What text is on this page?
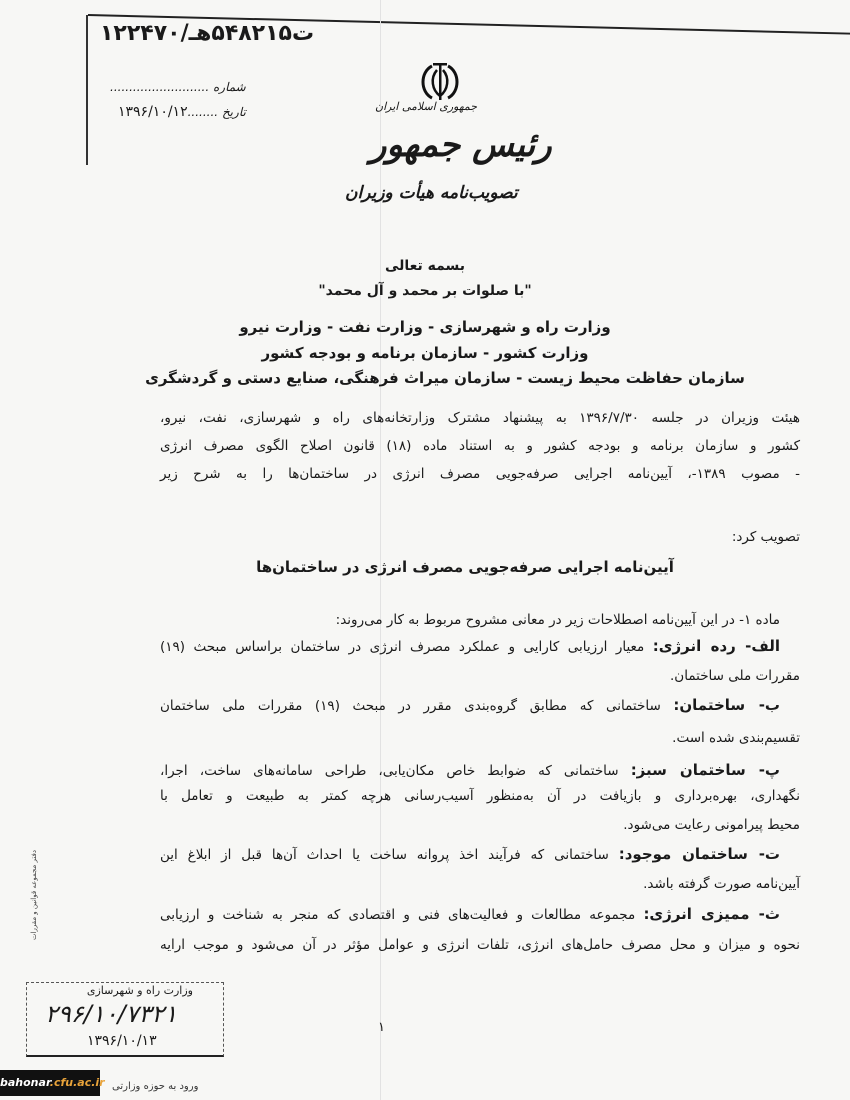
۱۲۲۴۷۰/ت۵۴۸۲۱۵هـ
شماره ..........................
تاریخ ........۱۳۹۶/۱۰/۱۲	جمهوری اسلامی ایران
رئیس جمهور
تصویب‌نامه هیأت وزیران
بسمه تعالی
"با صلوات بر محمد و آل محمد"
وزارت راه و شهرسازی - وزارت نفت - وزارت نیرو
وزارت کشور - سازمان برنامه و بودجه کشور
سازمان حفاظت محیط زیست - سازمان میراث فرهنگی، صنایع دستی و گردشگری
هیئت وزیران در جلسه ۱۳۹۶/۷/۳۰ به پیشنهاد مشترک وزارتخانه‌های راه و شهرسازی، نفت، نیرو،
کشور و سازمان برنامه و بودجه کشور و به استناد ماده (۱۸) قانون اصلاح الگوی مصرف انرژی
- مصوب ۱۳۸۹-، آیین‌نامه اجرایی صرفه‌جویی مصرف انرژی در ساختمان‌ها را به شرح زیر
تصویب کرد:
آیین‌نامه اجرایی صرفه‌جویی مصرف انرژی در ساختمان‌ها
ماده ۱- در این آیین‌نامه اصطلاحات زیر در معانی مشروح مربوط به کار می‌روند:
الف- رده انرژی: معیار ارزیابی کارایی و عملکرد مصرف انرژی در ساختمان براساس مبحث (۱۹)
مقررات ملی ساختمان.
ب- ساختمان: ساختمانی که مطابق گروه‌بندی مقرر در مبحث (۱۹) مقررات ملی ساختمان
تقسیم‌بندی شده است.
پ- ساختمان سبز: ساختمانی که ضوابط خاص مکان‌یابی، طراحی سامانه‌های ساخت، اجرا،
نگهداری، بهره‌برداری و بازیافت در آن به‌منظور آسیب‌رسانی هرچه کمتر به طبیعت و تعامل با
محیط پیرامونی رعایت می‌شود.
ت- ساختمان موجود: ساختمانی که فرآیند اخذ پروانه ساخت یا احداث آن‌ها قبل از ابلاغ این
آیین‌نامه صورت گرفته باشد.
ث- ممیزی انرژی: مجموعه مطالعات و فعالیت‌های فنی و اقتصادی که منجر به شناخت و ارزیابی
نحوه و میزان و محل مصرف حامل‌های انرژی، تلفات انرژی و عوامل مؤثر در آن می‌شود و موجب ارایه
۱
دفتر مجموعه قوانین و مقررات
وزارت راه و شهرسازی
۲۹۶/۱۰/۷۳۲۱
۱۳۹۶/۱۰/۱۳
ورود به حوزه وزارتی
bahonar.cfu.ac.ir
